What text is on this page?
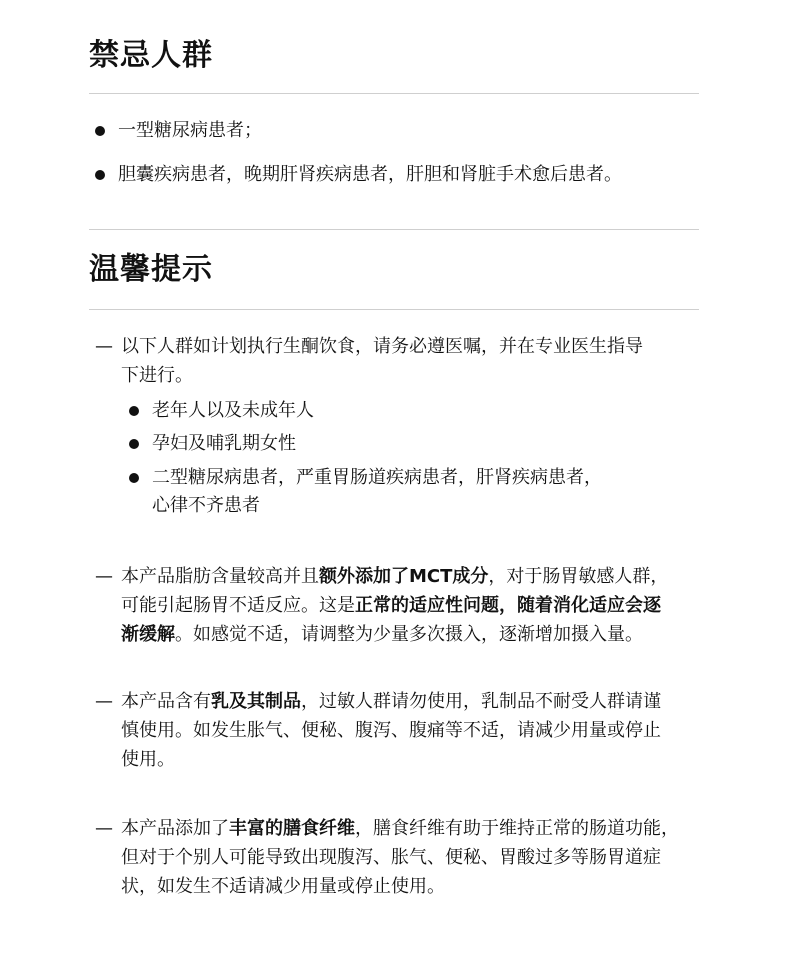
禁忌人群
一型糖尿病患者；
胆囊疾病患者，晚期肝肾疾病患者，肝胆和肾脏手术愈后患者。
温馨提示
— 以下人群如计划执行生酮饮食，请务必遵医嘱，并在专业医生指导
下进行。
老年人以及未成年人
孕妇及哺乳期女性
二型糖尿病患者，严重胃肠道疾病患者，肝肾疾病患者，
心律不齐患者
— 本产品脂肪含量较高并且额外添加了MCT成分，对于肠胃敏感人群，
可能引起肠胃不适反应。这是正常的适应性问题，随着消化适应会逐
渐缓解。如感觉不适，请调整为少量多次摄入，逐渐增加摄入量。
— 本产品含有乳及其制品，过敏人群请勿使用，乳制品不耐受人群请谨
慎使用。如发生胀气、便秘、腹泻、腹痛等不适，请减少用量或停止
使用。
— 本产品添加了丰富的膳食纤维，膳食纤维有助于维持正常的肠道功能，
但对于个别人可能导致出现腹泻、胀气、便秘、胃酸过多等肠胃道症
状，如发生不适请减少用量或停止使用。
